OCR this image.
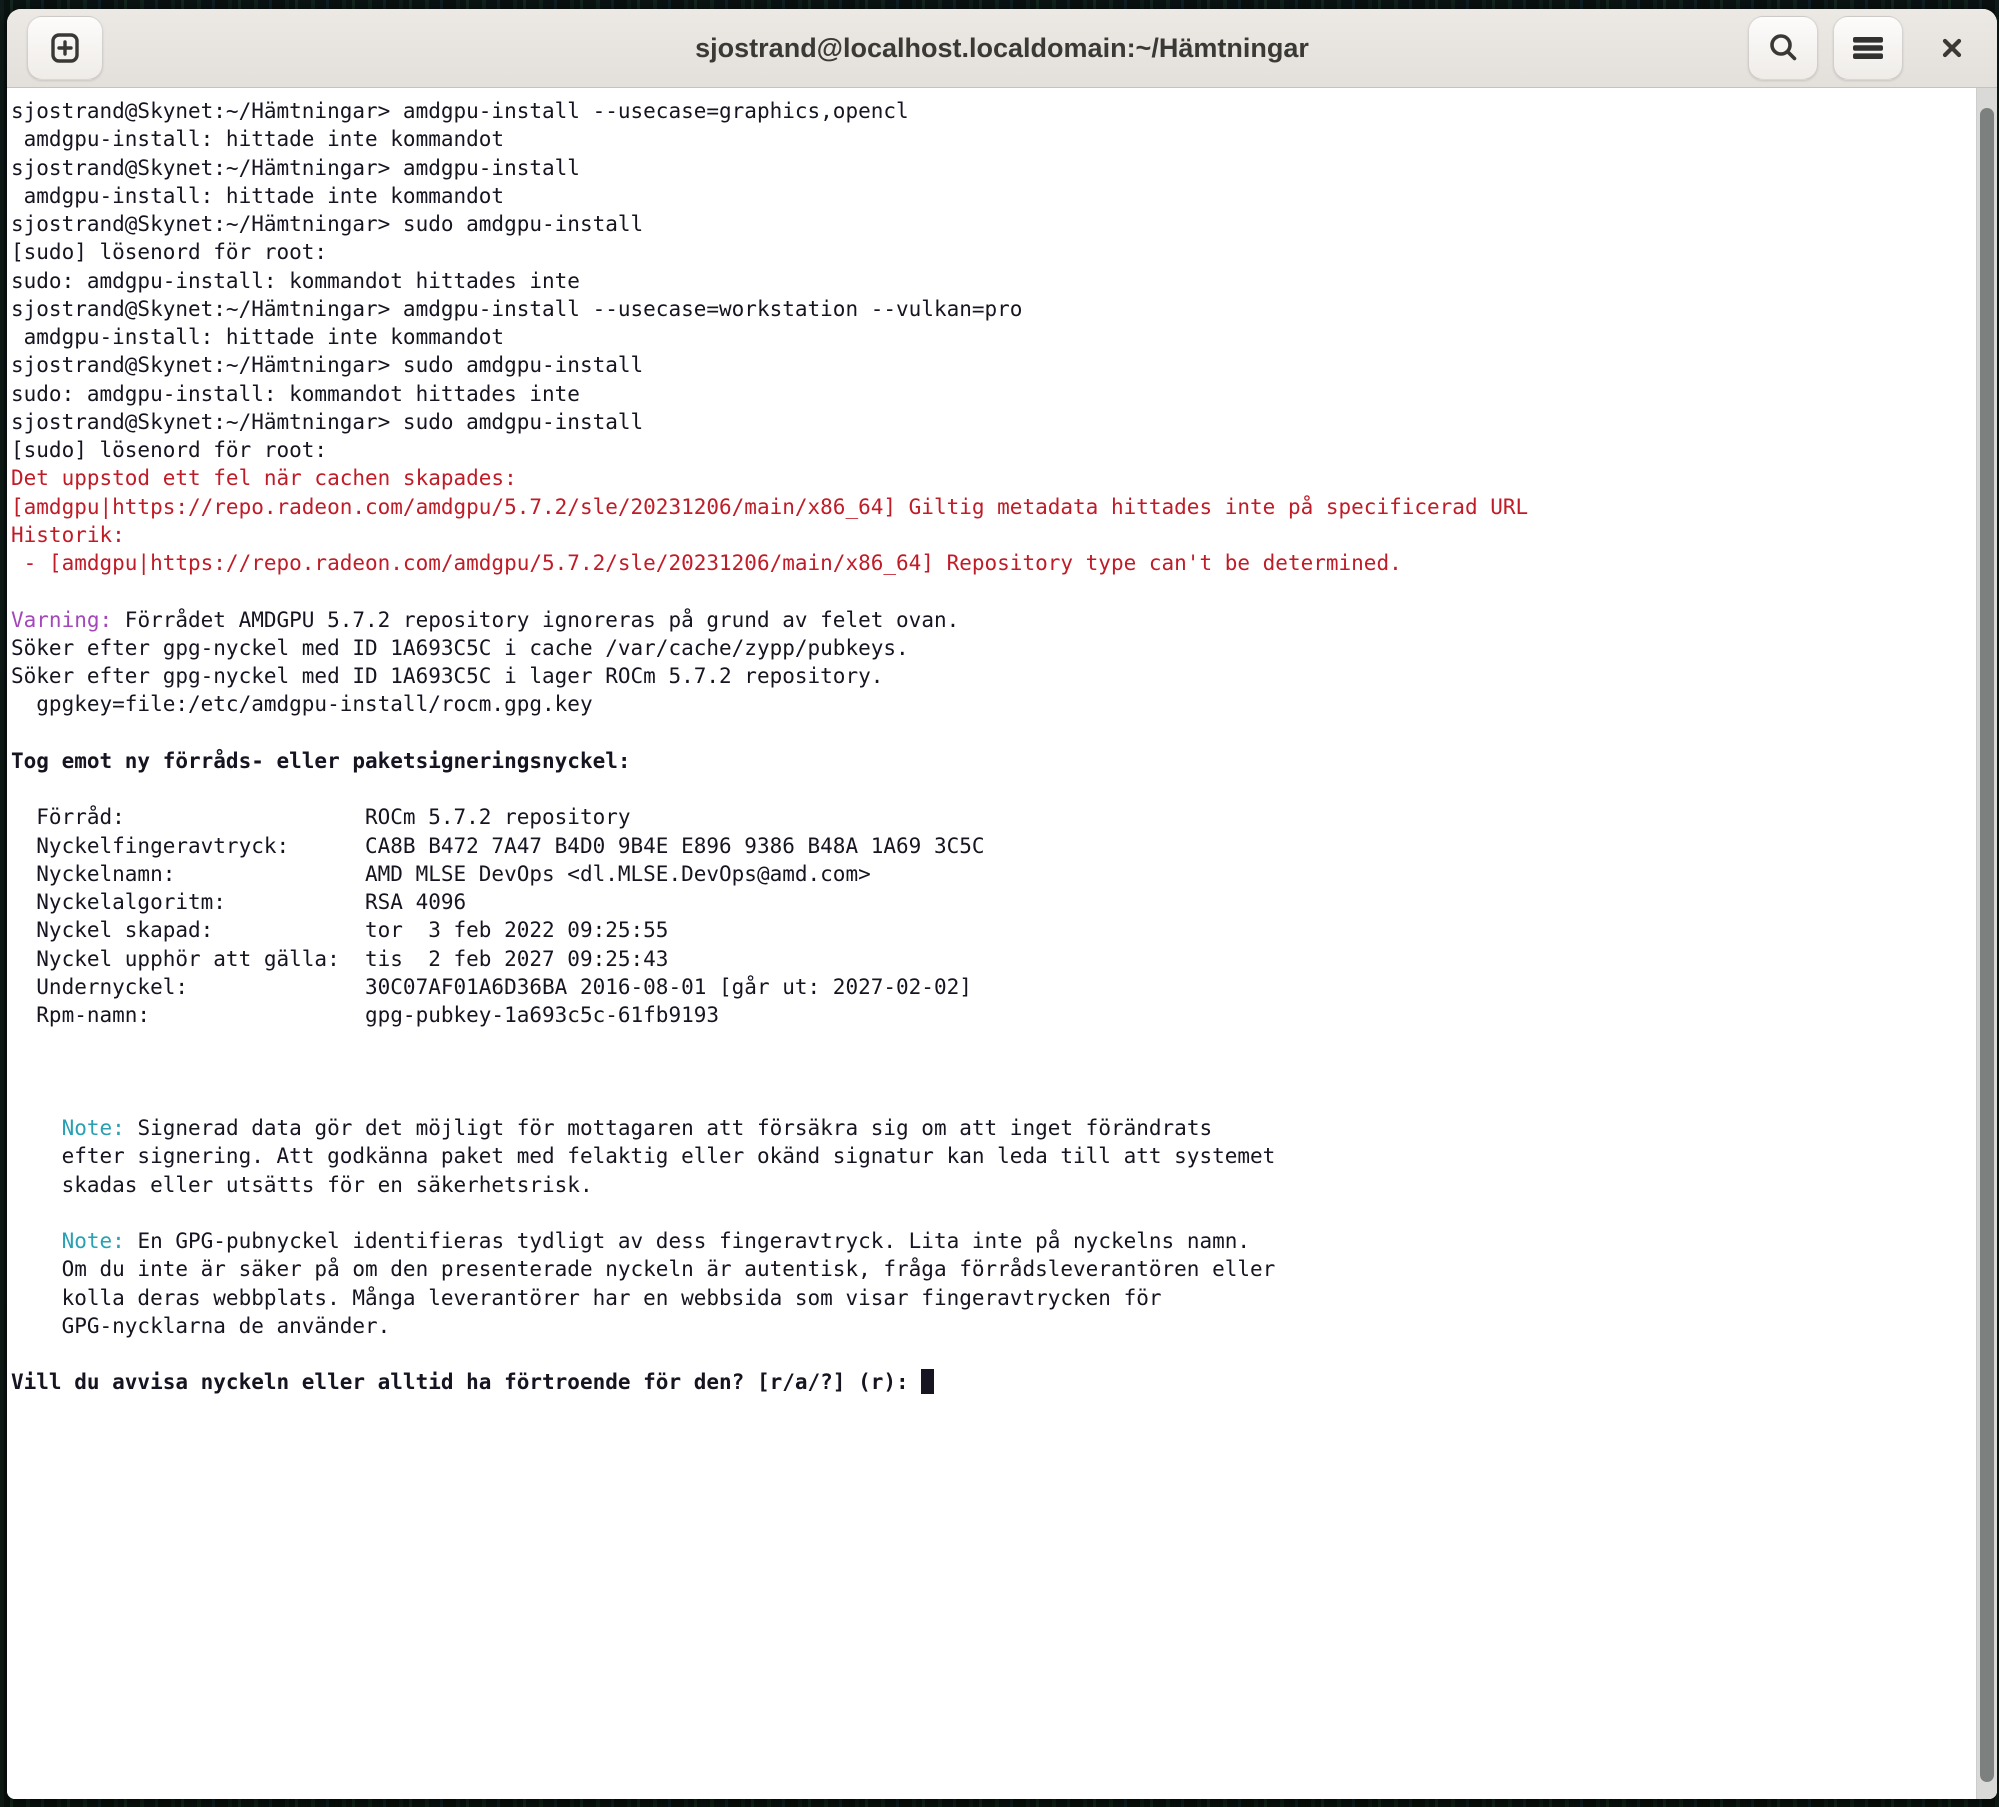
sjostrand@localhost.localdomain:~/Hämtningar
sjostrand@Skynet:~/Hämtningar> amdgpu-install --usecase=graphics,opencl
amdgpu-install: hittade inte kommandot
sjostrand@Skynet:~/Hämtningar> amdgpu-install
amdgpu-install: hittade inte kommandot
sjostrand@Skynet:~/Hämtningar> sudo amdgpu-install
[sudo] lösenord för root:
sudo: amdgpu-install: kommandot hittades inte
sjostrand@Skynet:~/Hämtningar> amdgpu-install --usecase=workstation --vulkan=pro
amdgpu-install: hittade inte kommandot
sjostrand@Skynet:~/Hämtningar> sudo amdgpu-install
sudo: amdgpu-install: kommandot hittades inte
sjostrand@Skynet:~/Hämtningar> sudo amdgpu-install
[sudo] lösenord för root:
Det uppstod ett fel när cachen skapades:
[amdgpu|https://repo.radeon.com/amdgpu/5.7.2/sle/20231206/main/x86_64] Giltig metadata hittades inte på specificerad URL
Historik:
- [amdgpu|https://repo.radeon.com/amdgpu/5.7.2/sle/20231206/main/x86_64] Repository type can't be determined.

Varning: Förrådet AMDGPU 5.7.2 repository ignoreras på grund av felet ovan.
Söker efter gpg-nyckel med ID 1A693C5C i cache /var/cache/zypp/pubkeys.
Söker efter gpg-nyckel med ID 1A693C5C i lager ROCm 5.7.2 repository.
gpgkey=file:/etc/amdgpu-install/rocm.gpg.key

Tog emot ny förråds- eller paketsigneringsnyckel:

Förråd:                   ROCm 5.7.2 repository
Nyckelfingeravtryck:      CA8B B472 7A47 B4D0 9B4E E896 9386 B48A 1A69 3C5C
Nyckelnamn:               AMD MLSE DevOps <dl.MLSE.DevOps@amd.com>
Nyckelalgoritm:           RSA 4096
Nyckel skapad:            tor  3 feb 2022 09:25:55
Nyckel upphör att gälla:  tis  2 feb 2027 09:25:43
Undernyckel:              30C07AF01A6D36BA 2016-08-01 [går ut: 2027-02-02]
Rpm-namn:                 gpg-pubkey-1a693c5c-61fb9193

Note: Signerad data gör det möjligt för mottagaren att försäkra sig om att inget förändrats
efter signering. Att godkänna paket med felaktig eller okänd signatur kan leda till att systemet
skadas eller utsätts för en säkerhetsrisk.

Note: En GPG-pubnyckel identifieras tydligt av dess fingeravtryck. Lita inte på nyckelns namn.
Om du inte är säker på om den presenterade nyckeln är autentisk, fråga förrådsleverantören eller
kolla deras webbplats. Många leverantörer har en webbsida som visar fingeravtrycken för
GPG-nycklarna de använder.

Vill du avvisa nyckeln eller alltid ha förtroende för den? [r/a/?] (r):
